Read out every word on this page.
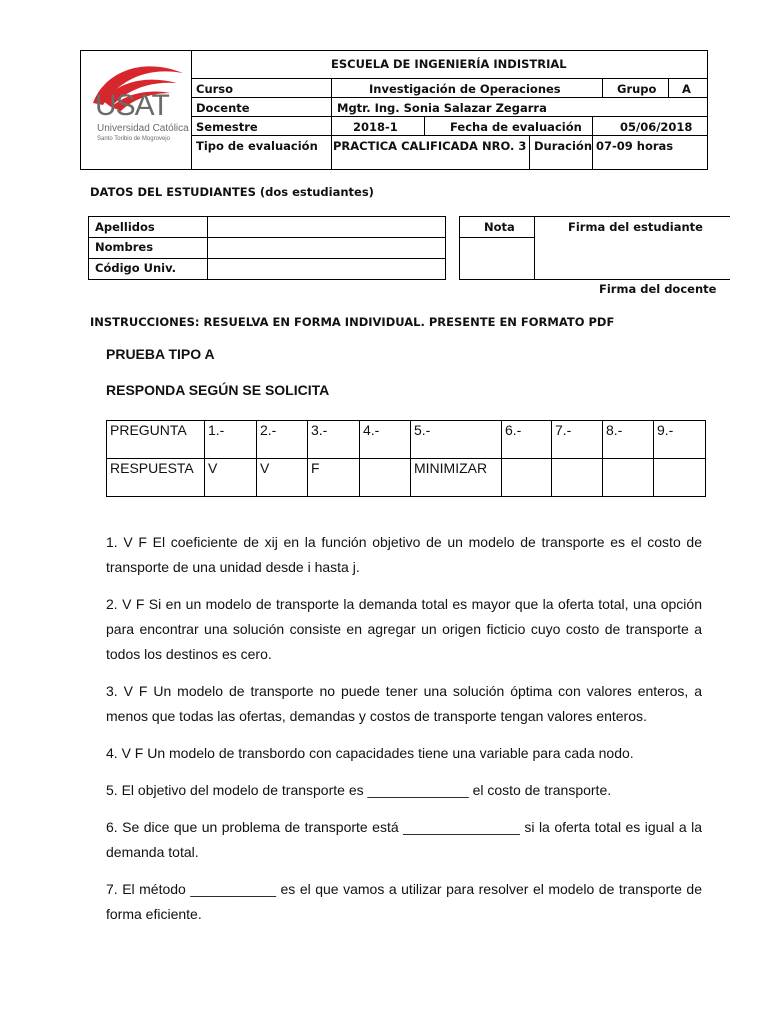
USAT
Universidad Católica
Santo Toribio de Mogrovejo
ESCUELA DE INGENIERÍA INDISTRIAL
Curso	Investigación de Operaciones	Grupo A
Docente	Mgtr. Ing. Sonia Salazar Zegarra
Semestre	2018-1	Fecha de evaluación	05/06/2018
Tipo de evaluación PRACTICA CALIFICADA NRO. 3 Duración 07-09 horas
DATOS DEL ESTUDIANTES (dos estudiantes)
Apellidos
Nombres
Código Univ.
Nota	Firma del estudiante
Firma del docente
INSTRUCCIONES: RESUELVA EN FORMA INDIVIDUAL. PRESENTE EN FORMATO PDF
PRUEBA TIPO A
RESPONDA SEGÚN SE SOLICITA
PREGUNTA	1.-	2.-	3.-	4.-	5.-	6.-	7.-	8.-	9.-
RESPUESTA	V	V	F		MINIMIZAR				
1. V F El coeficiente de xij en la función objetivo de un modelo de transporte es el costo de transporte de una unidad desde i hasta j.
2. V F Si en un modelo de transporte la demanda total es mayor que la oferta total, una opción para encontrar una solución consiste en agregar un origen ficticio cuyo costo de transporte a todos los destinos es cero.
3. V F Un modelo de transporte no puede tener una solución óptima con valores enteros, a menos que todas las ofertas, demandas y costos de transporte tengan valores enteros.
4. V F Un modelo de transbordo con capacidades tiene una variable para cada nodo.
5. El objetivo del modelo de transporte es _____________ el costo de transporte.
6. Se dice que un problema de transporte está _______________ si la oferta total es igual a la demanda total.
7. El método ___________ es el que vamos a utilizar para resolver el modelo de transporte de forma eficiente.
